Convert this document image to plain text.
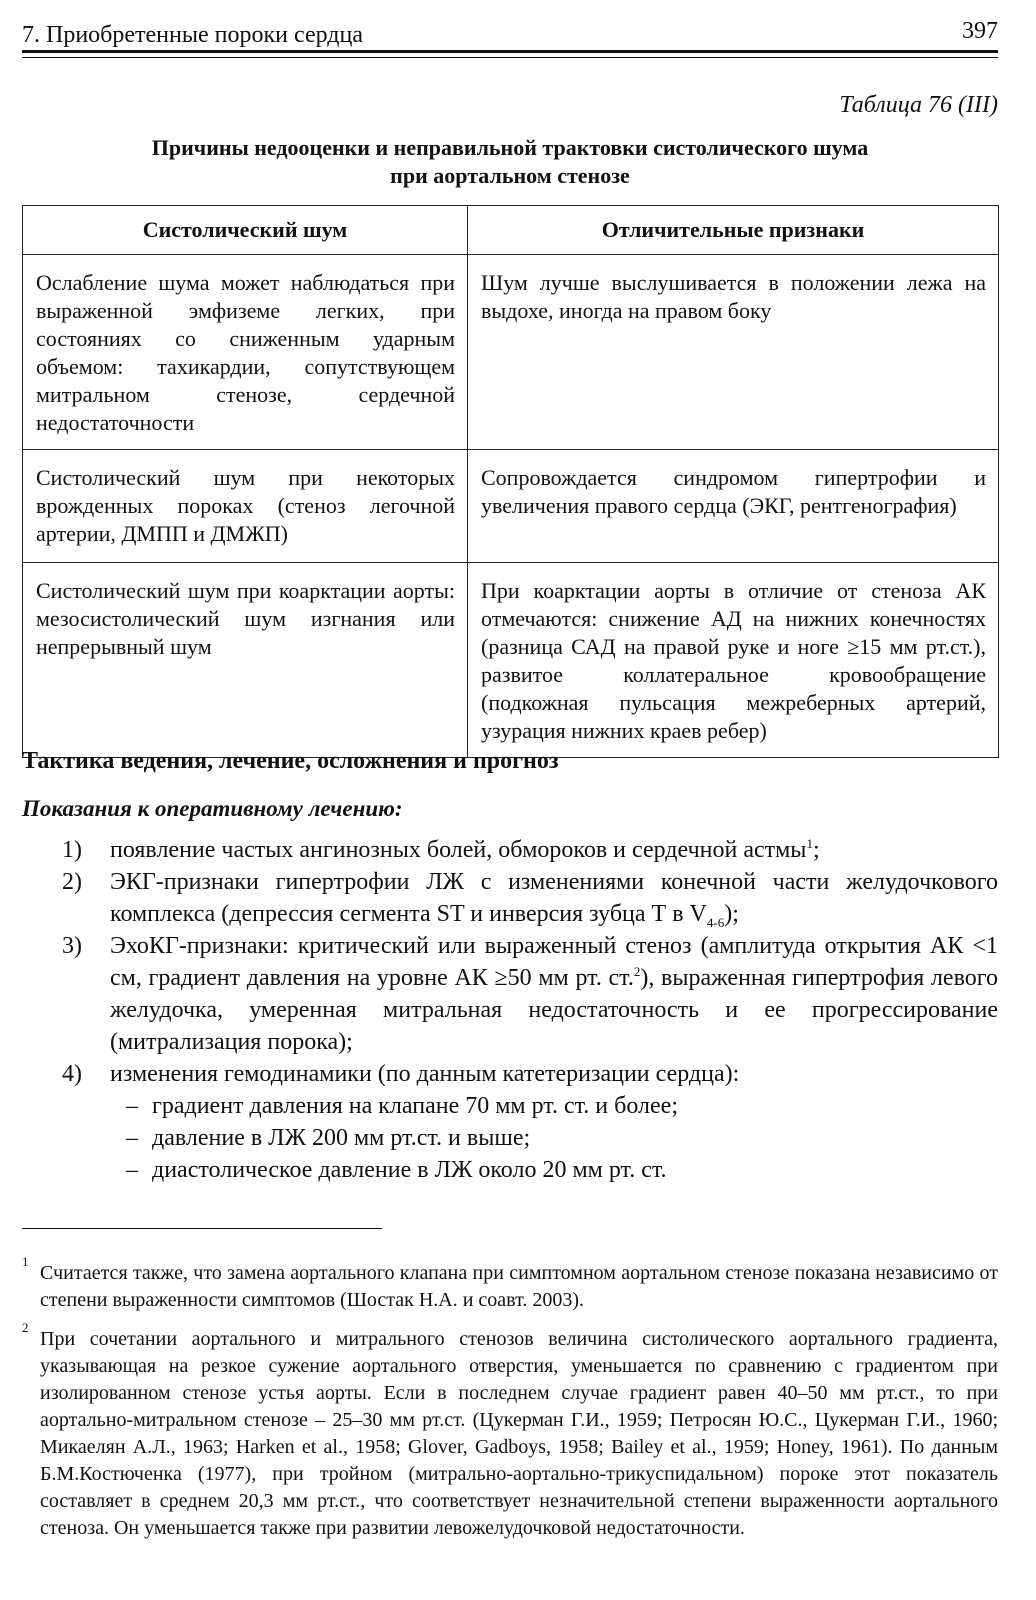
7. Приобретенные пороки сердца	397
Таблица 76 (III)
Причины недооценки и неправильной трактовки систолического шума
при аортальном стенозе
Систолический шум	Отличительные признаки
Ослабление шума может наблюдаться при выраженной эмфиземе легких, при состояниях со сниженным ударным объемом: тахикардии, сопутствующем митральном стенозе, сердечной недостаточности	Шум лучше выслушивается в положении лежа на выдохе, иногда на правом боку
Систолический шум при некоторых врожденных пороках (стеноз легочной артерии, ДМПП и ДМЖП)	Сопровождается синдромом гипертрофии и увеличения правого сердца (ЭКГ, рентгенография)
Систолический шум при коарктации аорты: мезосистолический шум изгнания или непрерывный шум	При коарктации аорты в отличие от стеноза АК отмечаются: снижение АД на нижних конечностях (разница САД на правой руке и ноге ≥15 мм рт.ст.), развитое коллатеральное кровообращение (подкожная пульсация межреберных артерий, узурация нижних краев ребер)
Тактика ведения, лечение, осложнения и прогноз
Показания к оперативному лечению:
1) появление частых ангинозных болей, обмороков и сердечной астмы$^1$;
2) ЭКГ-признаки гипертрофии ЛЖ с изменениями конечной части желудочкового комплекса (депрессия сегмента ST и инверсия зубца Т в $V_{4-6}$);
3) ЭхоКГ-признаки: критический или выраженный стеноз (амплитуда открытия АК <1 см, градиент давления на уровне АК ≥50 мм рт. ст.$^2$), выраженная гипертрофия левого желудочка, умеренная митральная недостаточность и ее прогрессирование (митрализация порока);
4) изменения гемодинамики (по данным катетеризации сердца):
– градиент давления на клапане 70 мм рт. ст. и более;
– давление в ЛЖ 200 мм рт.ст. и выше;
– диастолическое давление в ЛЖ около 20 мм рт. ст.
1
Считается также, что замена аортального клапана при симптомном аортальном стенозе показана независимо от степени выраженности симптомов (Шостак Н.А. и соавт. 2003).
2
При сочетании аортального и митрального стенозов величина систолического аортального градиента, указывающая на резкое сужение аортального отверстия, уменьшается по сравнению с градиентом при изолированном стенозе устья аорты. Если в последнем случае градиент равен 40–50 мм рт.ст., то при аортально-митральном стенозе – 25–30 мм рт.ст. (Цукерман Г.И., 1959; Петросян Ю.С., Цукерман Г.И., 1960; Микаелян А.Л., 1963; Harken et al., 1958; Glover, Gadboys, 1958; Bailey et al., 1959; Honey, 1961). По данным Б.М.Костюченка (1977), при тройном (митрально-аортально-трикуспидальном) пороке этот показатель составляет в среднем 20,3 мм рт.ст., что соответствует незначительной степени выраженности аортального стеноза. Он уменьшается также при развитии левожелудочковой недостаточности.
